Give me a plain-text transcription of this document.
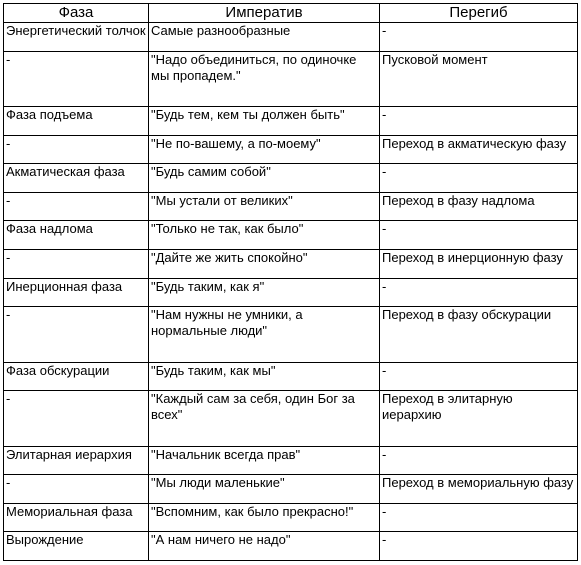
Фаза	Императив	Перегиб
Энергетический толчок	Самые разнообразные	-
-	"Надо объединиться, по одиночке мы пропадем."	Пусковой момент
Фаза подъема	"Будь тем, кем ты должен быть"	-
-	"Не по-вашему, а по-моему"	Переход в акматическую фазу
Акматическая фаза	"Будь самим собой"	-
-	"Мы устали от великих"	Переход в фазу надлома
Фаза надлома	"Только не так, как было"	-
-	"Дайте же жить спокойно"	Переход в инерционную фазу
Инерционная фаза	"Будь таким, как я"	-
-	"Нам нужны не умники, а нормальные люди"	Переход в фазу обскурации
Фаза обскурации	"Будь таким, как мы"	-
-	"Каждый сам за себя, один Бог за всех"	Переход в элитарную иерархию
Элитарная иерархия	"Начальник всегда прав"	-
-	"Мы люди маленькие"	Переход в мемориальную фазу
Мемориальная фаза	"Вспомним, как было прекрасно!"	-
Вырождение	"А нам ничего не надо"	-
